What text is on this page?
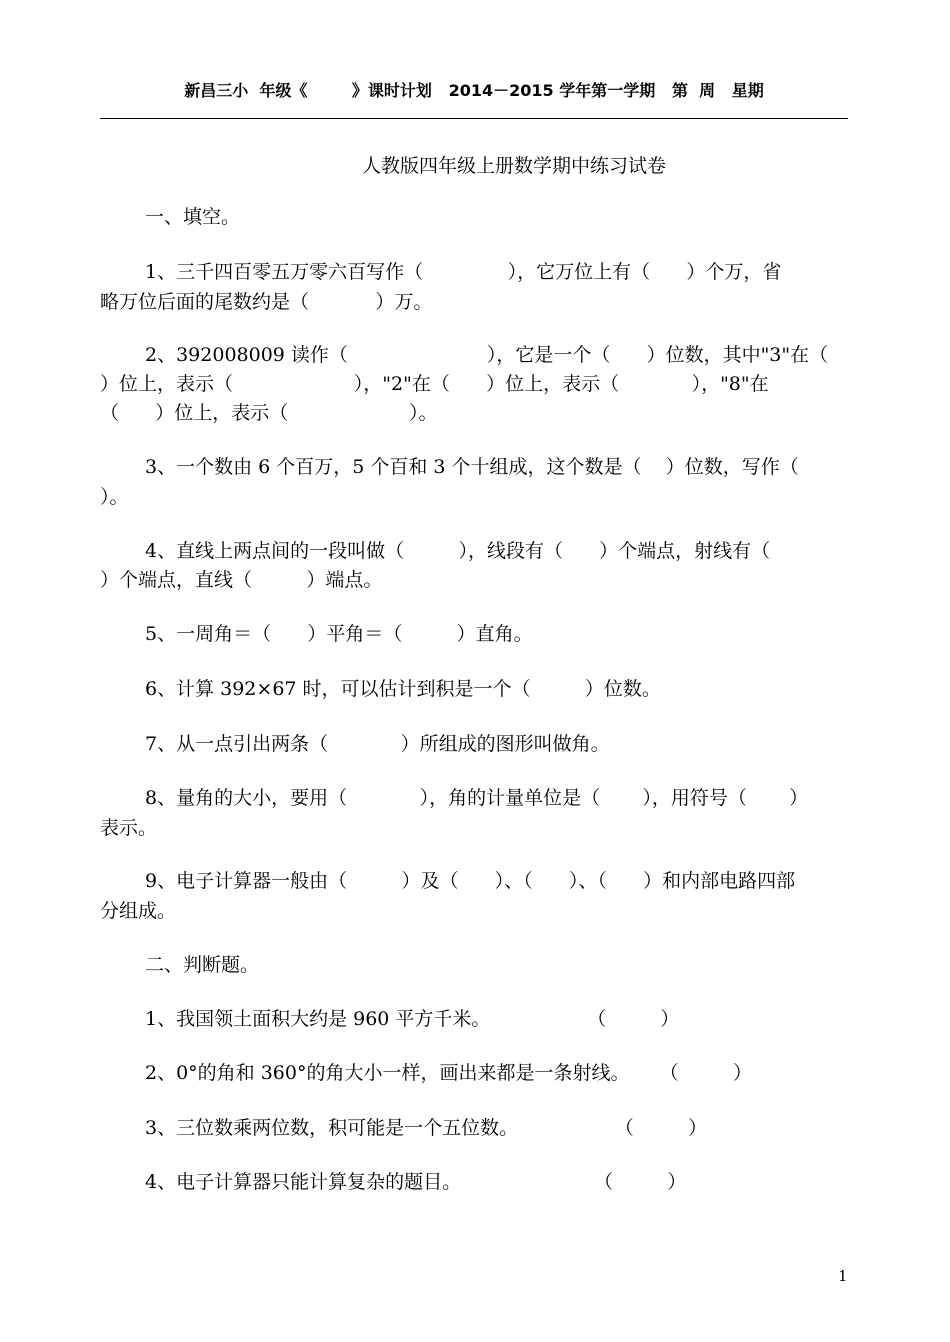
新昌三小  年级《        》课时计划   2014－2015 学年第一学期   第  周   星期
人教版四年级上册数学期中练习试卷
一、填空。
1、三千四百零五万零六百写作（              ），它万位上有（      ）个万，省
略万位后面的尾数约是（           ）万。
2、392008009 读作（                       ），它是一个（      ）位数，其中"3"在（
）位上，表示（                    ），"2"在（      ）位上，表示（            ），"8"在
（      ）位上，表示（                    ）。
3、一个数由 6 个百万，5 个百和 3 个十组成，这个数是（    ）位数，写作（
）。
4、直线上两点间的一段叫做（         ），线段有（      ）个端点，射线有（
）个端点，直线（         ）端点。
5、一周角＝（      ）平角＝（         ）直角。
6、计算 392×67 时，可以估计到积是一个（         ）位数。
7、从一点引出两条（            ）所组成的图形叫做角。
8、量角的大小，要用（            ），角的计量单位是（       ），用符号（       ）
表示。
9、电子计算器一般由（         ）及（      ）、（      ）、（      ）和内部电路四部
分组成。
二、判断题。
1、我国领土面积大约是 960 平方千米。                （         ）
2、0°的角和 360°的角大小一样，画出来都是一条射线。     （         ）
3、三位数乘两位数，积可能是一个五位数。                （         ）
4、电子计算器只能计算复杂的题目。                      （         ）
1
